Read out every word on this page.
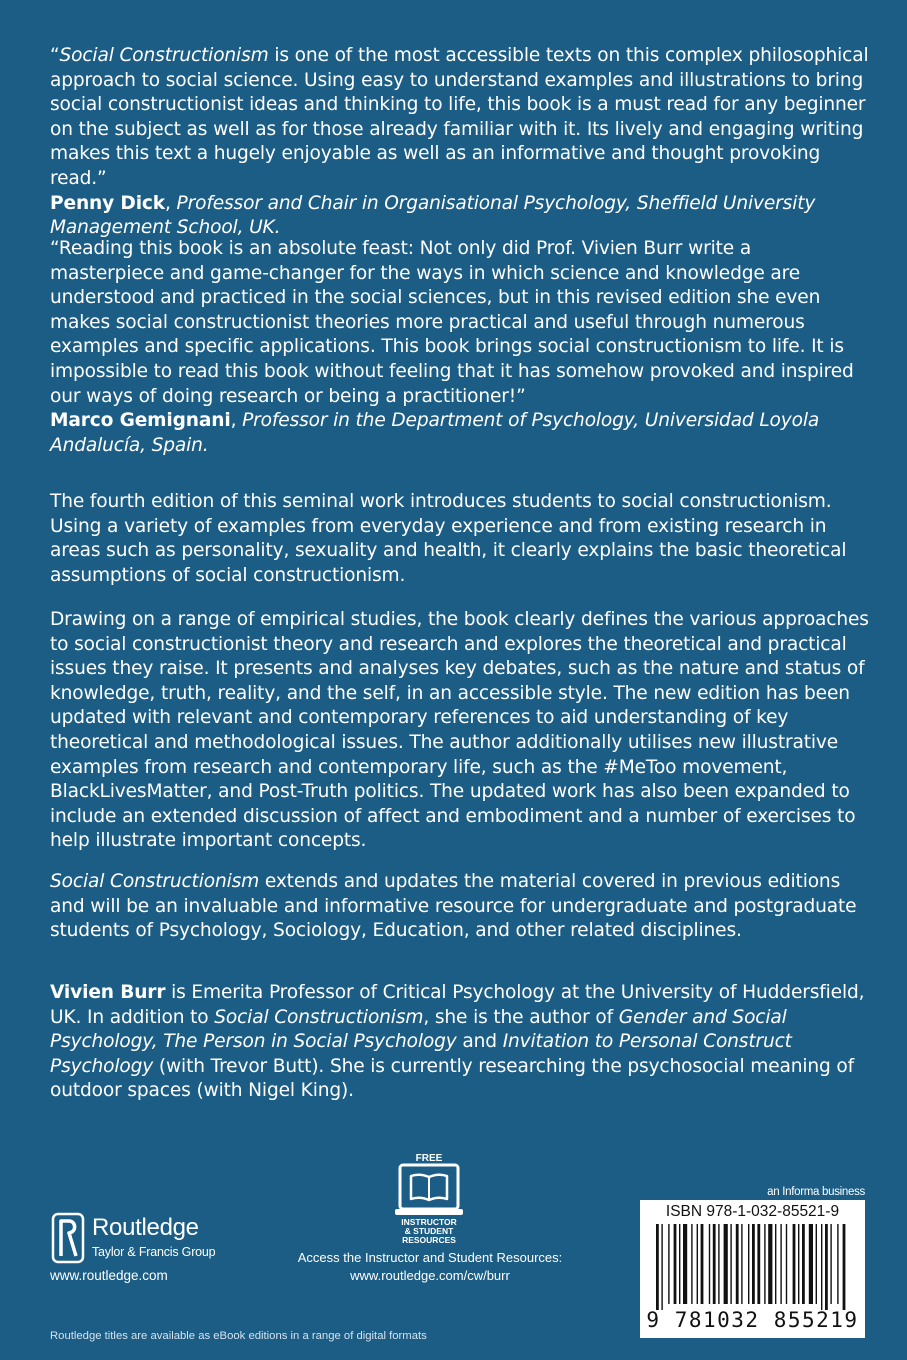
“Social Constructionism is one of the most accessible texts on this complex philosophical approach to social science. Using easy to understand examples and illustrations to bring social constructionist ideas and thinking to life, this book is a must read for any beginner on the subject as well as for those already familiar with it. Its lively and engaging writing makes this text a hugely enjoyable as well as an informative and thought provoking read.”
Penny Dick, Professor and Chair in Organisational Psychology, Sheffield University Management School, UK.

“Reading this book is an absolute feast: Not only did Prof. Vivien Burr write a masterpiece and game-changer for the ways in which science and knowledge are understood and practiced in the social sciences, but in this revised edition she even makes social constructionist theories more practical and useful through numerous examples and specific applications. This book brings social constructionism to life. It is impossible to read this book without feeling that it has somehow provoked and inspired our ways of doing research or being a practitioner!”
Marco Gemignani, Professor in the Department of Psychology, Universidad Loyola Andalucía, Spain.

The fourth edition of this seminal work introduces students to social constructionism. Using a variety of examples from everyday experience and from existing research in areas such as personality, sexuality and health, it clearly explains the basic theoretical assumptions of social constructionism.

Drawing on a range of empirical studies, the book clearly defines the various approaches to social constructionist theory and research and explores the theoretical and practical issues they raise. It presents and analyses key debates, such as the nature and status of knowledge, truth, reality, and the self, in an accessible style. The new edition has been updated with relevant and contemporary references to aid understanding of key theoretical and methodological issues. The author additionally utilises new illustrative examples from research and contemporary life, such as the #MeToo movement, BlackLivesMatter, and Post-Truth politics. The updated work has also been expanded to include an extended discussion of affect and embodiment and a number of exercises to help illustrate important concepts.

Social Constructionism extends and updates the material covered in previous editions and will be an invaluable and informative resource for undergraduate and postgraduate students of Psychology, Sociology, Education, and other related disciplines.

Vivien Burr is Emerita Professor of Critical Psychology at the University of Huddersfield, UK. In addition to Social Constructionism, she is the author of Gender and Social Psychology, The Person in Social Psychology and Invitation to Personal Construct Psychology (with Trevor Butt). She is currently researching the psychosocial meaning of outdoor spaces (with Nigel King).

Routledge
Taylor & Francis Group
www.routledge.com
Routledge titles are available as eBook editions in a range of digital formats
FREE
INSTRUCTOR
& STUDENT
RESOURCES
Access the Instructor and Student Resources:
www.routledge.com/cw/burr
an Informa business
ISBN 978-1-032-85521-9
9 781032 855219
